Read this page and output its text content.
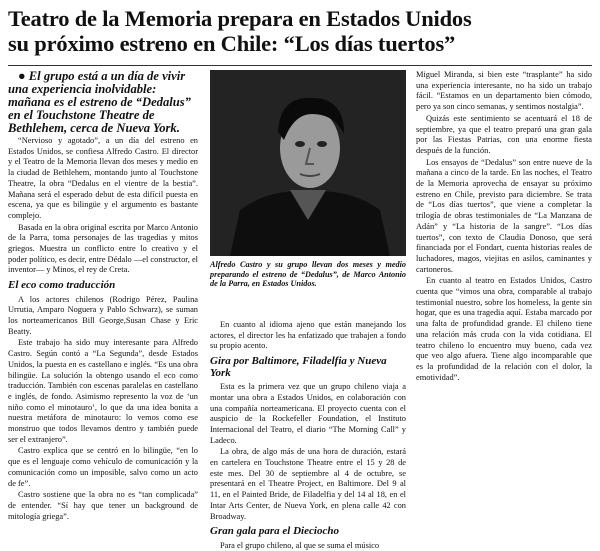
Teatro de la Memoria prepara en Estados Unidos
su próximo estreno en Chile: “Los días tuertos”

● El grupo está a un día de vivir una experiencia inolvidable: mañana es el estreno de “Dedalus” en el Touchstone Theatre de Bethlehem, cerca de Nueva York.

“Nervioso y agotado”, a un día del estreno en Estados Unidos, se confiesa Alfredo Castro. El director y el Teatro de la Memoria llevan dos meses y medio en la ciudad de Bethlehem, montando junto al Touchstone Theatre, la obra “Dedalus en el vientre de la bestia”. Mañana será el esperado debut de esta difícil puesta en escena, ya que es bilingüe y el argumento es bastante complejo.

Basada en la obra original escrita por Marco Antonio de la Parra, toma personajes de las tragedias y mitos griegos. Muestra un conflicto entre lo creativo y el poder político, es decir, entre Dédalo —el constructor, el inventor— y Minos, el rey de Creta.

El eco como traducción

A los actores chilenos (Rodrigo Pérez, Paulina Urrutia, Amparo Noguera y Pablo Schwarz), se suman los norteamericanos Bill George,Susan Chase y Eric Beatty.

Este trabajo ha sido muy interesante para Alfredo Castro. Según contó a “La Segunda”, desde Estados Unidos, la puesta en es castellano e inglés. “Es una obra bilingüe. La solución la obtengo usando el eco como traducción. También con escenas paralelas en castellano e inglés, de fondo. Asimismo represento la voz de ‘un niño como el minotauro’, lo que da una idea bonita a nuestra metáfora de minotauro: lo vemos como ese monstruo que todos llevamos dentro y también puede ser el extranjero”.

Castro explica que se centró en lo bilingüe, “en lo que es el lenguaje como vehículo de comunicación y la comunicación como un imposible, salvo como un acto de fe”.

Castro sostiene que la obra no es “tan complicada” de entender. “Sí hay que tener un background de mitología griega”.

Alfredo Castro y su grupo llevan dos meses y medio preparando el estreno de “Dedalus”, de Marco Antonio de la Parra, en Estados Unidos.

En cuanto al idioma ajeno que están manejando los actores, el director les ha enfatizado que trabajen a fondo su propio acento.

Gira por Baltimore, Filadelfia y Nueva York

Esta es la primera vez que un grupo chileno viaja a montar una obra a Estados Unidos, en colaboración con una compañía norteamericana. El proyecto cuenta con el auspicio de la Rockefeller Foundation, el Instituto Internacional del Teatro, el diario “The Morning Call” y Ladeco.

La obra, de algo más de una hora de duración, estará en cartelera en Touchstone Theatre entre el 15 y 28 de este mes. Del 30 de septiembre al 4 de octubre, se presentará en el Theatre Project, en Baltimore. Del 9 al 11, en el Painted Bride, de Filadelfia y del 14 al 18, en el Intar Arts Center, de Nueva York, en plena calle 42 con Broadway.

Gran gala para el Dieciocho

Para el grupo chileno, al que se suma el músico

Miguel Miranda, si bien este “trasplante” ha sido una experiencia interesante, no ha sido un trabajo fácil. “Estamos en un departamento bien cómodo, pero ya son cinco semanas, y sentimos nostalgia”.

Quizás este sentimiento se acentuará el 18 de septiembre, ya que el teatro preparó una gran gala por las Fiestas Patrias, con una enorme fiesta después de la función.

Los ensayos de “Dedalus” son entre nueve de la mañana a cinco de la tarde. En las noches, el Teatro de la Memoria aprovecha de ensayar su próximo estreno en Chile, previsto para diciembre. Se trata de “Los días tuertos”, que viene a completar la trilogía de obras testimoniales de “La Manzana de Adán” y “La historia de la sangre”. “Los días tuertos”, con texto de Claudia Donoso, que será financiada por el Fondart, cuenta historias reales de luchadores, magos, viejitas en asilos, caminantes y cartoneros.

En cuanto al teatro en Estados Unidos, Castro cuenta que “vimos una obra, comparable al trabajo testimonial nuestro, sobre los homeless, la gente sin hogar, que es una tragedia aquí. Estaba marcado por una falta de profundidad grande. El chileno tiene una relación más cruda con la vida cotidiana. El teatro chileno lo encuentro muy bueno, cada vez que veo algo afuera. Tiene algo incomparable que es la profundidad de la relación con el dolor, la emotividad”.
